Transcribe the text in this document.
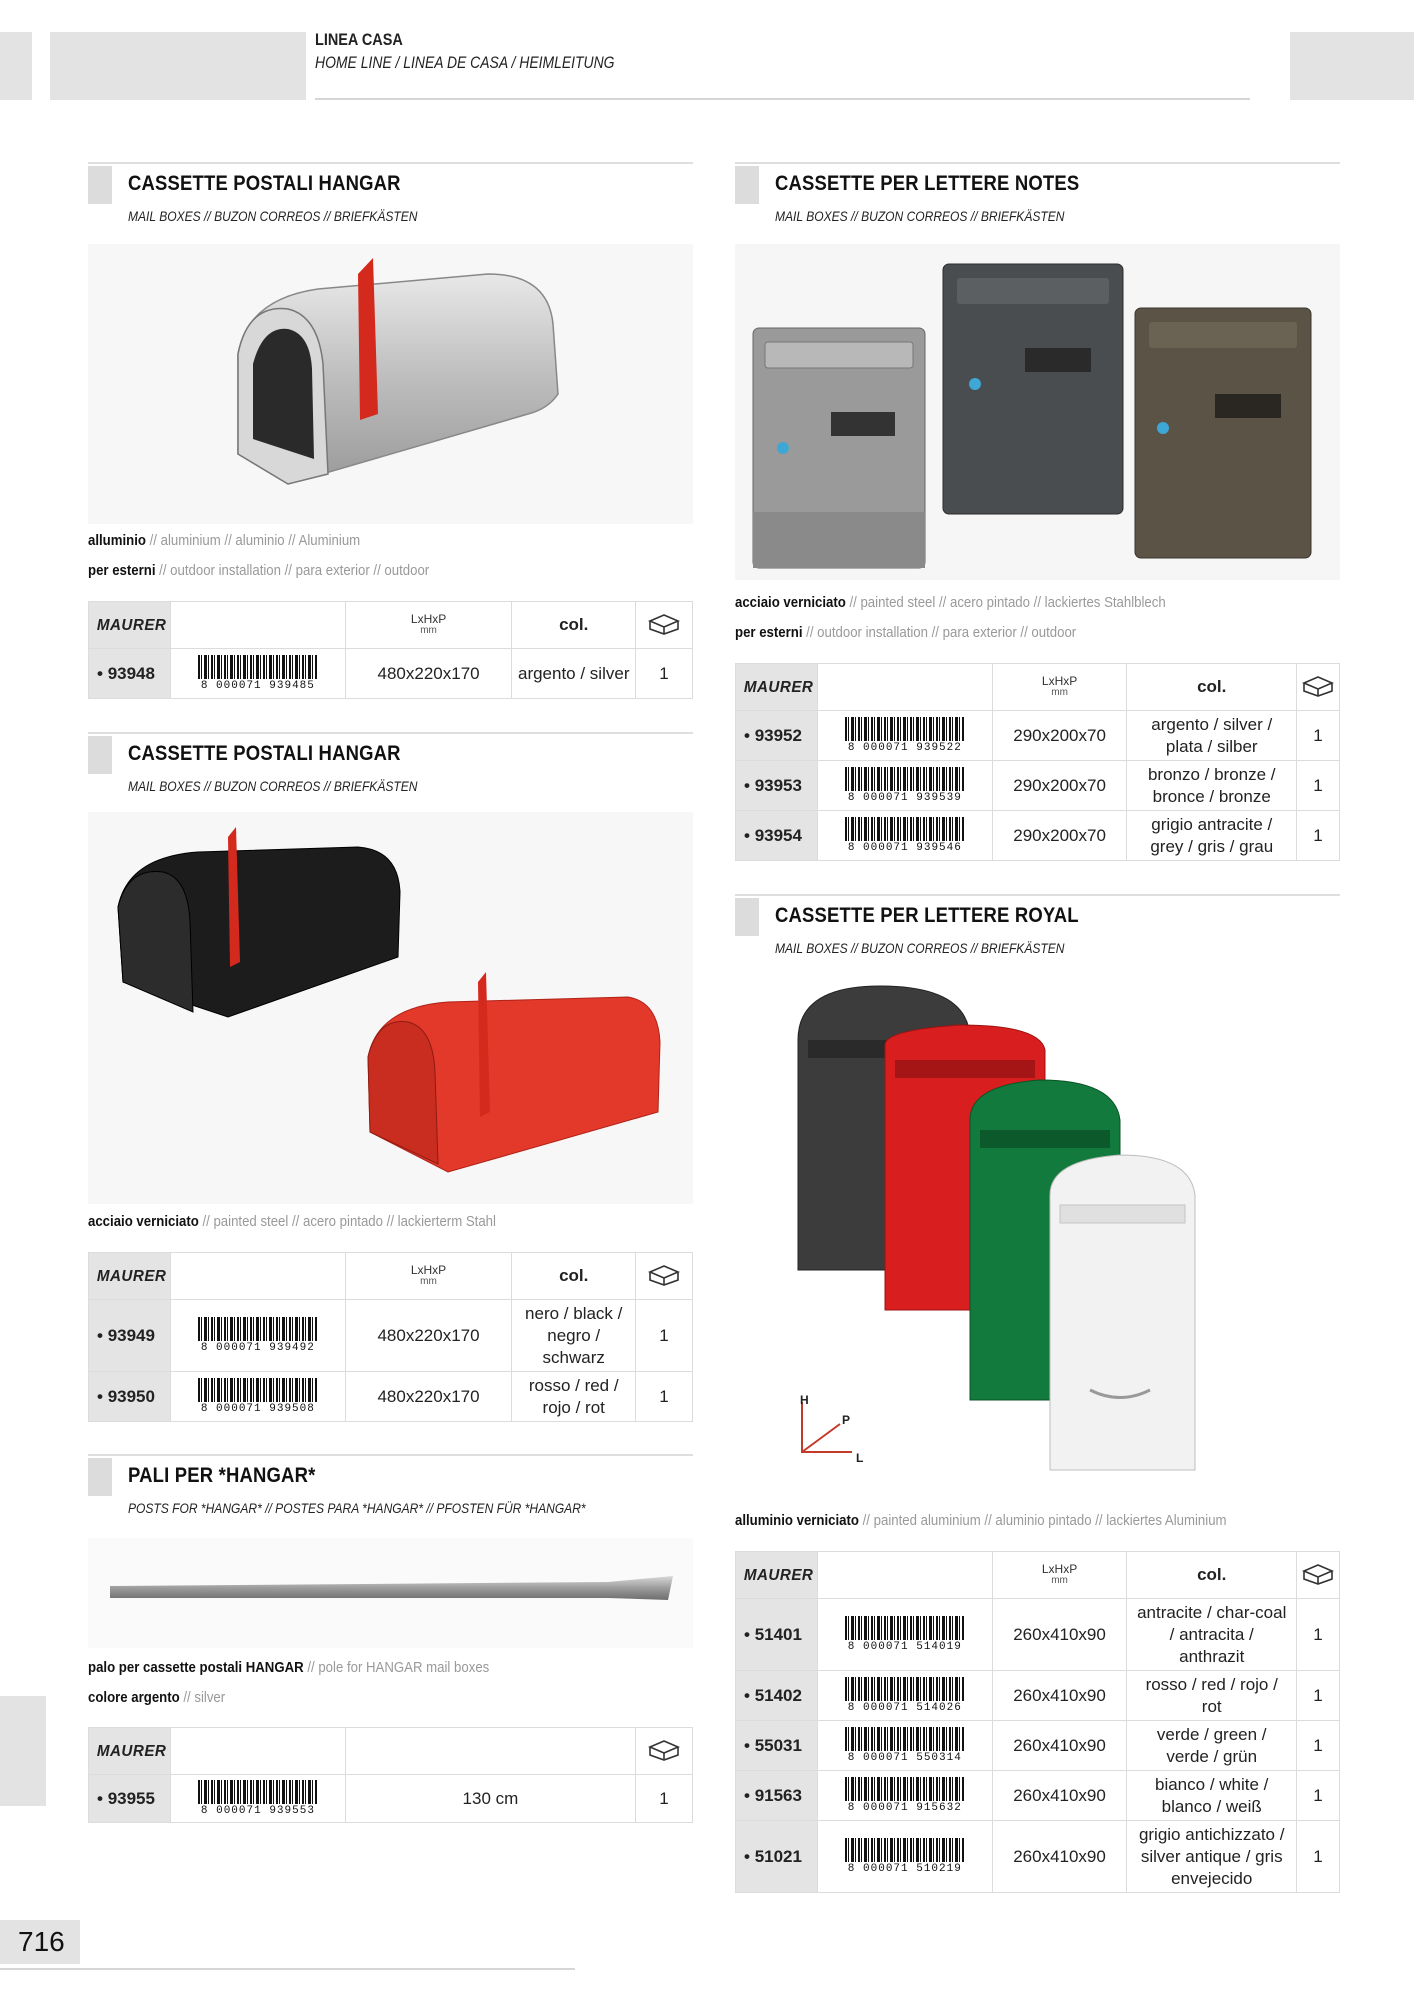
LINEA CASA
HOME LINE / LINEA DE CASA / HEIMLEITUNG
CASSETTE POSTALI HANGAR
MAIL BOXES // BUZON CORREOS // BRIEFKÄSTEN
alluminio // aluminium // aluminio // Aluminium
per esterni // outdoor installation // para exterior // outdoor
MAURER		LxHxP
mm	col.	
• 93948	8 000071 939485	480x220x170	argento / silver	1
CASSETTE POSTALI HANGAR
MAIL BOXES // BUZON CORREOS // BRIEFKÄSTEN
acciaio verniciato // painted steel // acero pintado // lackierterm Stahl
MAURER		LxHxP
mm	col.	
• 93949	8 000071 939492	480x220x170	nero / black / negro / schwarz	1
• 93950	8 000071 939508	480x220x170	rosso / red / rojo / rot	1
PALI PER *HANGAR*
POSTS FOR *HANGAR* // POSTES PARA *HANGAR* // PFOSTEN FÜR *HANGAR*
palo per cassette postali HANGAR // pole for HANGAR mail boxes
colore argento // silver
MAURER			
• 93955	8 000071 939553	130 cm	1
CASSETTE PER LETTERE NOTES
MAIL BOXES // BUZON CORREOS // BRIEFKÄSTEN
acciaio verniciato // painted steel // acero pintado // lackiertes Stahlblech
per esterni // outdoor installation // para exterior // outdoor
MAURER		LxHxP
mm	col.	
• 93952	8 000071 939522	290x200x70	argento / silver / plata / silber	1
• 93953	8 000071 939539	290x200x70	bronzo / bronze / bronce / bronze	1
• 93954	8 000071 939546	290x200x70	grigio antracite / grey / gris / grau	1
CASSETTE PER LETTERE ROYAL
MAIL BOXES // BUZON CORREOS // BRIEFKÄSTEN
H
P
L
alluminio verniciato // painted aluminium // aluminio pintado // lackiertes Aluminium
MAURER		LxHxP
mm	col.	
• 51401	8 000071 514019	260x410x90	antracite / char-coal / antracita / anthrazit	1
• 51402	8 000071 514026	260x410x90	rosso / red / rojo / rot	1
• 55031	8 000071 550314	260x410x90	verde / green / verde / grün	1
• 91563	8 000071 915632	260x410x90	bianco / white / blanco / weiß	1
• 51021	8 000071 510219	260x410x90	grigio antichizzato / silver antique / gris envejecido	1
716
